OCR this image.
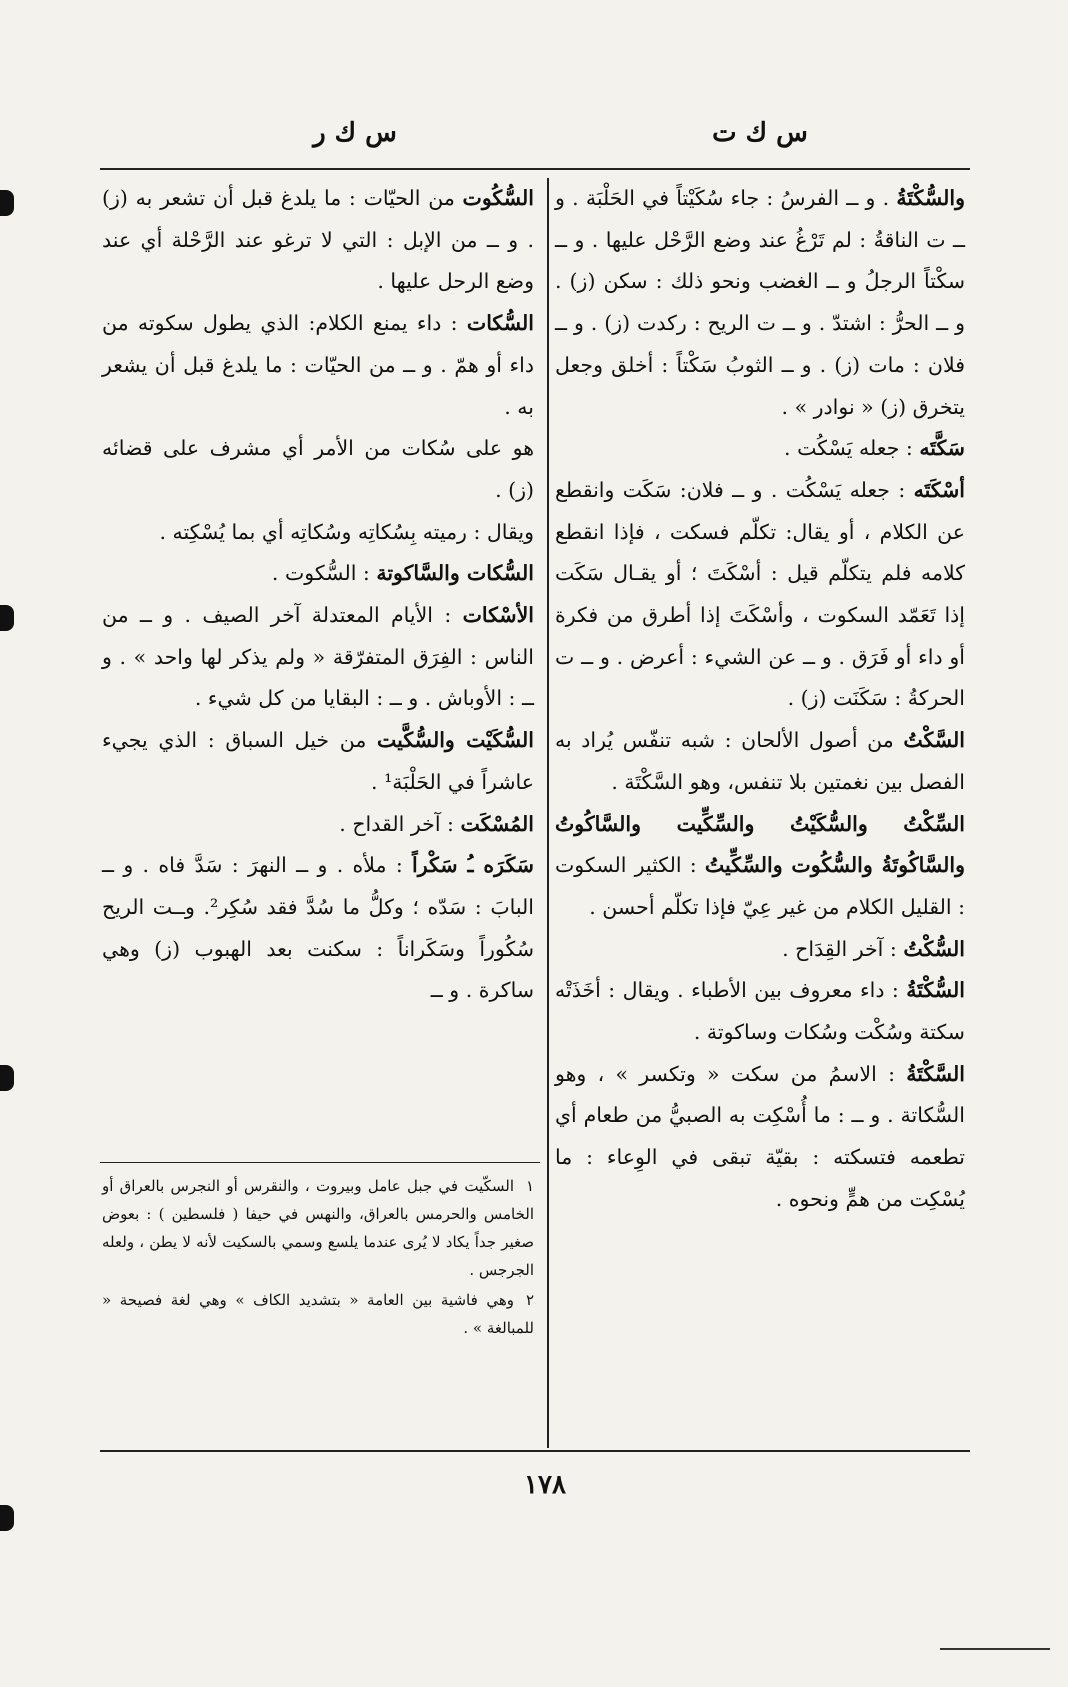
س ك ت
س ك ر

والسُّكْتَةُ . و ــ الفرسُ : جاء سُكَيْتاً في الحَلْبَة . و ــ ت الناقةُ : لم تَرْغُ عند وضع الرَّحْل عليها . و ــ سكْتاً الرجلُ و ــ الغضب ونحو ذلك : سكن (ز) . و ــ الحرُّ : اشتدّ . و ــ ت الريح : ركدت (ز) . و ــ فلان : مات (ز) . و ــ الثوبُ سَكْتاً : أخلق وجعل يتخرق (ز) « نوادر » .

سَكَّتَه : جعله يَسْكُت .

أسْكَتَه : جعله يَسْكُت . و ــ فلان: سَكَت وانقطع عن الكلام ، أو يقال: تكلّم فسكت ، فإذا انقطع كلامه فلم يتكلّم قيل : أسْكَتَ ؛ أو يقـال سَكَت إذا تَعَمّد السكوت ، وأسْكَتَ إذا أطرق من فكرة أو داء أو فَرَق . و ــ عن الشيء : أعرض . و ــ ت الحركةُ : سَكَنَت (ز) .

السَّكْتُ من أصول الألحان : شبه تنفّس يُراد به الفصل بين نغمتين بلا تنفس، وهو السَّكْتَة .

السِّكْتُ والسُّكَيْتُ والسِّكِّيت والسَّاكُوتُ والسَّاكُوتَةُ والسُّكُوت والسِّكِّيتُ : الكثير السكوت : القليل الكلام من غير عِيّ فإذا تكلّم أحسن .

السُّكْتُ : آخر القِدَاح .

السُّكْتَةُ : داء معروف بين الأطباء . ويقال : أخَذَتْه سكتة وسُكْت وسُكات وساكوتة .

السَّكْتَةُ : الاسمُ من سكت « وتكسر » ، وهو السُّكاتة . و ــ : ما أُسْكِت به الصبيُّ من طعام أي تطعمه فتسكته : بقيّة تبقى في الوِعاء : ما يُسْكِت من همٍّ ونحوه .

السُّكُوت من الحيّات : ما يلدغ قبل أن تشعر به (ز) . و ــ من الإبل : التي لا ترغو عند الرَّحْلة أي عند وضع الرحل عليها .

السُّكات : داء يمنع الكلام: الذي يطول سكوته من داء أو همّ . و ــ من الحيّات : ما يلدغ قبل أن يشعر به .

هو على سُكات من الأمر أي مشرف على قضائه (ز) .

ويقال : رميته بِسُكاتِه وسُكاتِه أي بما يُسْكِته .

السُّكات والسَّاكوتة : السُّكوت .

الأسْكات : الأيام المعتدلة آخر الصيف . و ــ من الناس : الفِرَق المتفرّقة « ولم يذكر لها واحد » . و ــ : الأوباش . و ــ : البقايا من كل شيء .

السُّكَيْت والسُّكَّيت من خيل السباق : الذي يجيء عاشراً في الحَلْبَة¹ .

المُسْكَت : آخر القداح .

سَكَرَه ـُ سَكْراً : ملأه . و ــ النهرَ : سَدَّ فاه . و ــ البابَ : سَدّه ؛ وكلُّ ما سُدَّ فقد سُكِر². وــت الريح سُكُوراً وسَكَراناً : سكنت بعد الهبوب (ز) وهي ساكرة . و ــ

١السكّيت في جبل عامل وبيروت ، والنقرس أو النجرس بالعراق أو الخامس والحرمس بالعراق، والنهس في حيفا ( فلسطين ) : بعوض صغير جداً يكاد لا يُرى عندما يلسع وسمي بالسكيت لأنه لا يطن ، ولعله الجرجس .

٢وهي فاشية بين العامة « بتشديد الكاف » وهي لغة فصيحة « للمبالغة » .

١٧٨
